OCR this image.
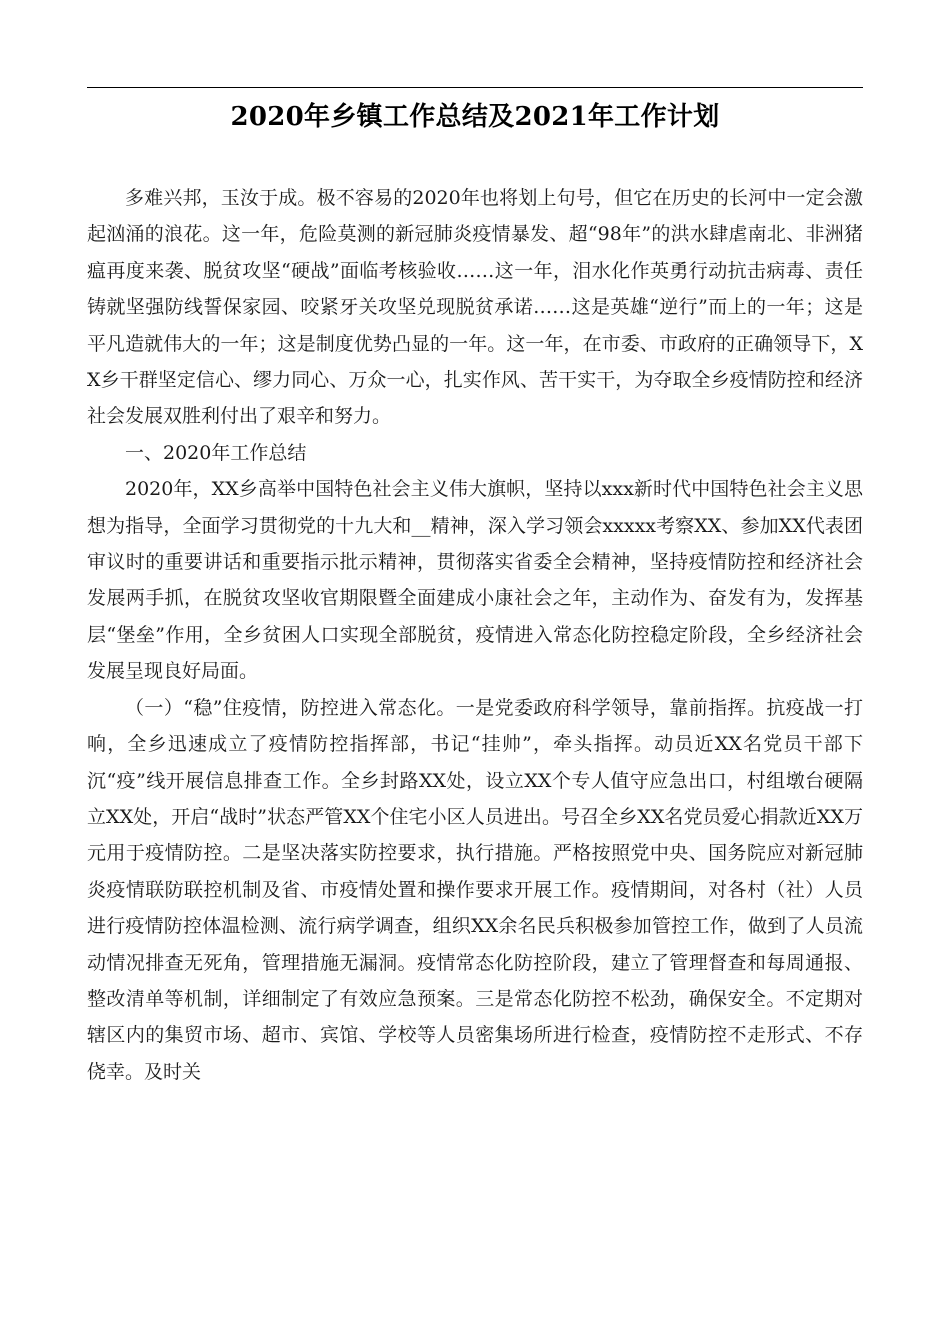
2020年乡镇工作总结及2021年工作计划

多难兴邦，玉汝于成。极不容易的2020年也将划上句号，但它在历史的长河中一定会激起汹涌的浪花。这一年，危险莫测的新冠肺炎疫情暴发、超“98年”的洪水肆虐南北、非洲猪瘟再度来袭、脱贫攻坚“硬战”面临考核验收……这一年，泪水化作英勇行动抗击病毒、责任铸就坚强防线誓保家园、咬紧牙关攻坚兑现脱贫承诺……这是英雄“逆行”而上的一年；这是平凡造就伟大的一年；这是制度优势凸显的一年。这一年，在市委、市政府的正确领导下，XX乡干群坚定信心、缪力同心、万众一心，扎实作风、苦干实干，为夺取全乡疫情防控和经济社会发展双胜利付出了艰辛和努力。

一、2020年工作总结

2020年，XX乡高举中国特色社会主义伟大旗帜，坚持以xxx新时代中国特色社会主义思想为指导，全面学习贯彻党的十九大和__精神，深入学习领会xxxxx考察XX、参加XX代表团审议时的重要讲话和重要指示批示精神，贯彻落实省委全会精神，坚持疫情防控和经济社会发展两手抓，在脱贫攻坚收官期限暨全面建成小康社会之年，主动作为、奋发有为，发挥基层“堡垒”作用，全乡贫困人口实现全部脱贫，疫情进入常态化防控稳定阶段，全乡经济社会发展呈现良好局面。

（一）“稳”住疫情，防控进入常态化。一是党委政府科学领导，靠前指挥。抗疫战一打响，全乡迅速成立了疫情防控指挥部，书记“挂帅”，牵头指挥。动员近XX名党员干部下沉“疫”线开展信息排查工作。全乡封路XX处，设立XX个专人值守应急出口，村组墩台硬隔立XX处，开启“战时”状态严管XX个住宅小区人员进出。号召全乡XX名党员爱心捐款近XX万元用于疫情防控。二是坚决落实防控要求，执行措施。严格按照党中央、国务院应对新冠肺炎疫情联防联控机制及省、市疫情处置和操作要求开展工作。疫情期间，对各村（社）人员进行疫情防控体温检测、流行病学调查，组织XX余名民兵积极参加管控工作，做到了人员流动情况排查无死角，管理措施无漏洞。疫情常态化防控阶段，建立了管理督查和每周通报、整改清单等机制，详细制定了有效应急预案。三是常态化防控不松劲，确保安全。不定期对辖区内的集贸市场、超市、宾馆、学校等人员密集场所进行检查，疫情防控不走形式、不存侥幸。及时关
